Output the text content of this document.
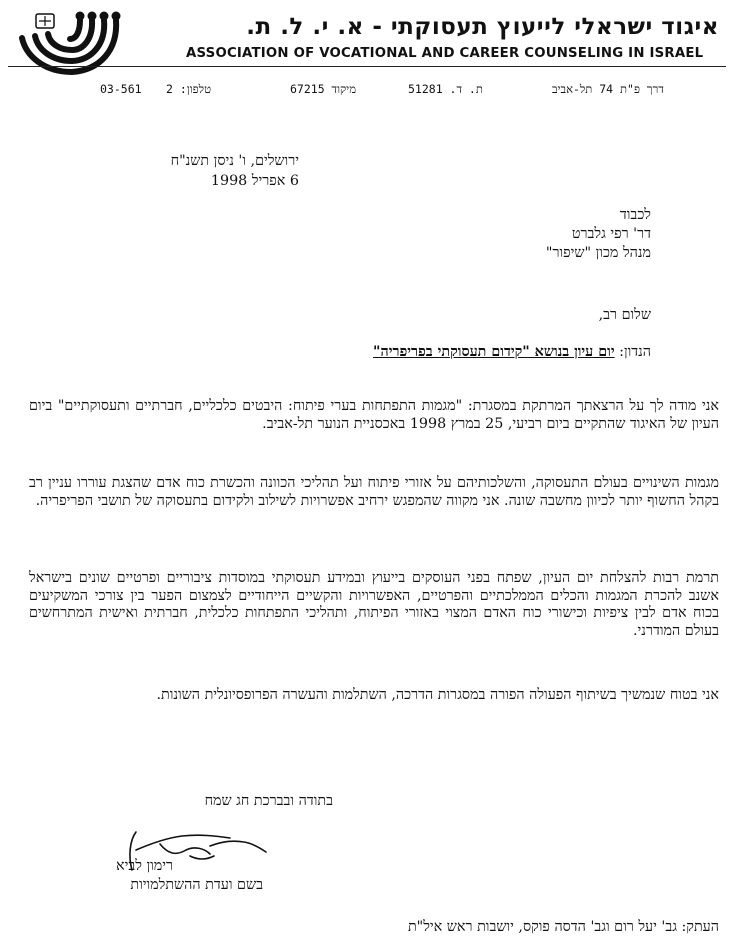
איגוד ישראלי לייעוץ תעסוקתי - א. י. ל. ת.
ASSOCIATION OF VOCATIONAL AND CAREER COUNSELING IN ISRAEL
03-561 טלפון: 2	מיקוד 67215	ת. ד. 51281	דרך פ"ת 74 תל-אביב
ירושלים, ו' ניסן תשנ"ח
6 אפריל 1998
לכבוד
דר' רפי גלברט
מנהל מכון "שיפור"
שלום רב,
הנדון: יום עיון בנושא "קידום תעסוקתי בפריפריה"
אני מודה לך על הרצאתך המרתקת במסגרת: "מגמות התפתחות בערי פיתוח: היבטים כלכליים, חברתיים ותעסוקתיים" ביום העיון של האיגוד שהתקיים ביום רביעי, 25 במרץ 1998 באכסניית הנוער תל-אביב.
מגמות השינויים בעולם התעסוקה, והשלכותיהם על אזורי פיתוח ועל תהליכי הכוונה והכשרת כוח אדם שהצגת עוררו עניין רב בקהל החשוף יותר לכיוון מחשבה שונה. אני מקווה שהמפגש ירחיב אפשרויות לשילוב ולקידום בתעסוקה של תושבי הפריפריה.
תרמת רבות להצלחת יום העיון, שפתח בפני העוסקים בייעוץ ובמידע תעסוקתי במוסדות ציבוריים ופרטיים שונים בישראל אשנב להכרת המגמות והכלים הממלכתיים והפרטיים, האפשרויות והקשיים הייחודיים לצמצום הפער בין צורכי המשקיעים בכוח אדם לבין ציפיות וכישורי כוח האדם המצוי באזורי הפיתוח, ותהליכי התפתחות כלכלית, חברתית ואישית המתרחשים בעולם המודרני.
אני בטוח שנמשיך בשיתוף הפעולה הפורה במסגרות הדרכה, השתלמות והעשרה הפרופסיונלית השונות.
בתודה ובברכת חג שמח
רימון לביא
בשם ועדת ההשתלמויות
העתק: גב' יעל רום וגב' הדסה פוקס, יושבות ראש איל"ת
